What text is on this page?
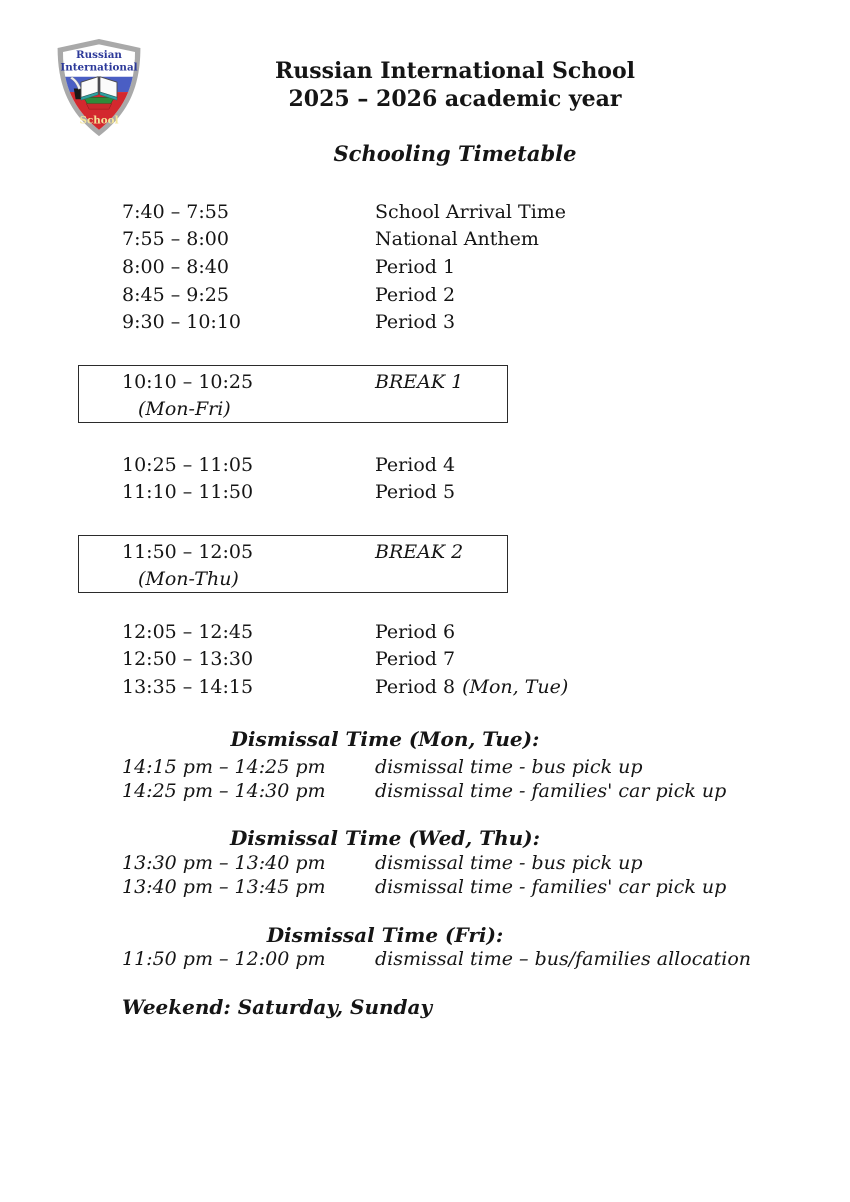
Russian
International
School
Russian International School
2025 – 2026 academic year
Schooling Timetable
7:40 – 7:55	School Arrival Time
7:55 – 8:00	National Anthem
8:00 – 8:40	Period 1
8:45 – 9:25	Period 2
9:30 – 10:10	Period 3
10:10 – 10:25	BREAK 1
(Mon-Fri)
10:25 – 11:05	Period 4
11:10 – 11:50	Period 5
11:50 – 12:05	BREAK 2
(Mon-Thu)
12:05 – 12:45	Period 6
12:50 – 13:30	Period 7
13:35 – 14:15	Period 8 (Mon, Tue)
Dismissal Time (Mon, Tue):
14:15 pm – 14:25 pm	dismissal time - bus pick up
14:25 pm – 14:30 pm	dismissal time - families' car pick up
Dismissal Time (Wed, Thu):
13:30 pm – 13:40 pm	dismissal time - bus pick up
13:40 pm – 13:45 pm	dismissal time - families' car pick up
Dismissal Time (Fri):
11:50 pm – 12:00 pm	dismissal time – bus/families allocation
Weekend: Saturday, Sunday
